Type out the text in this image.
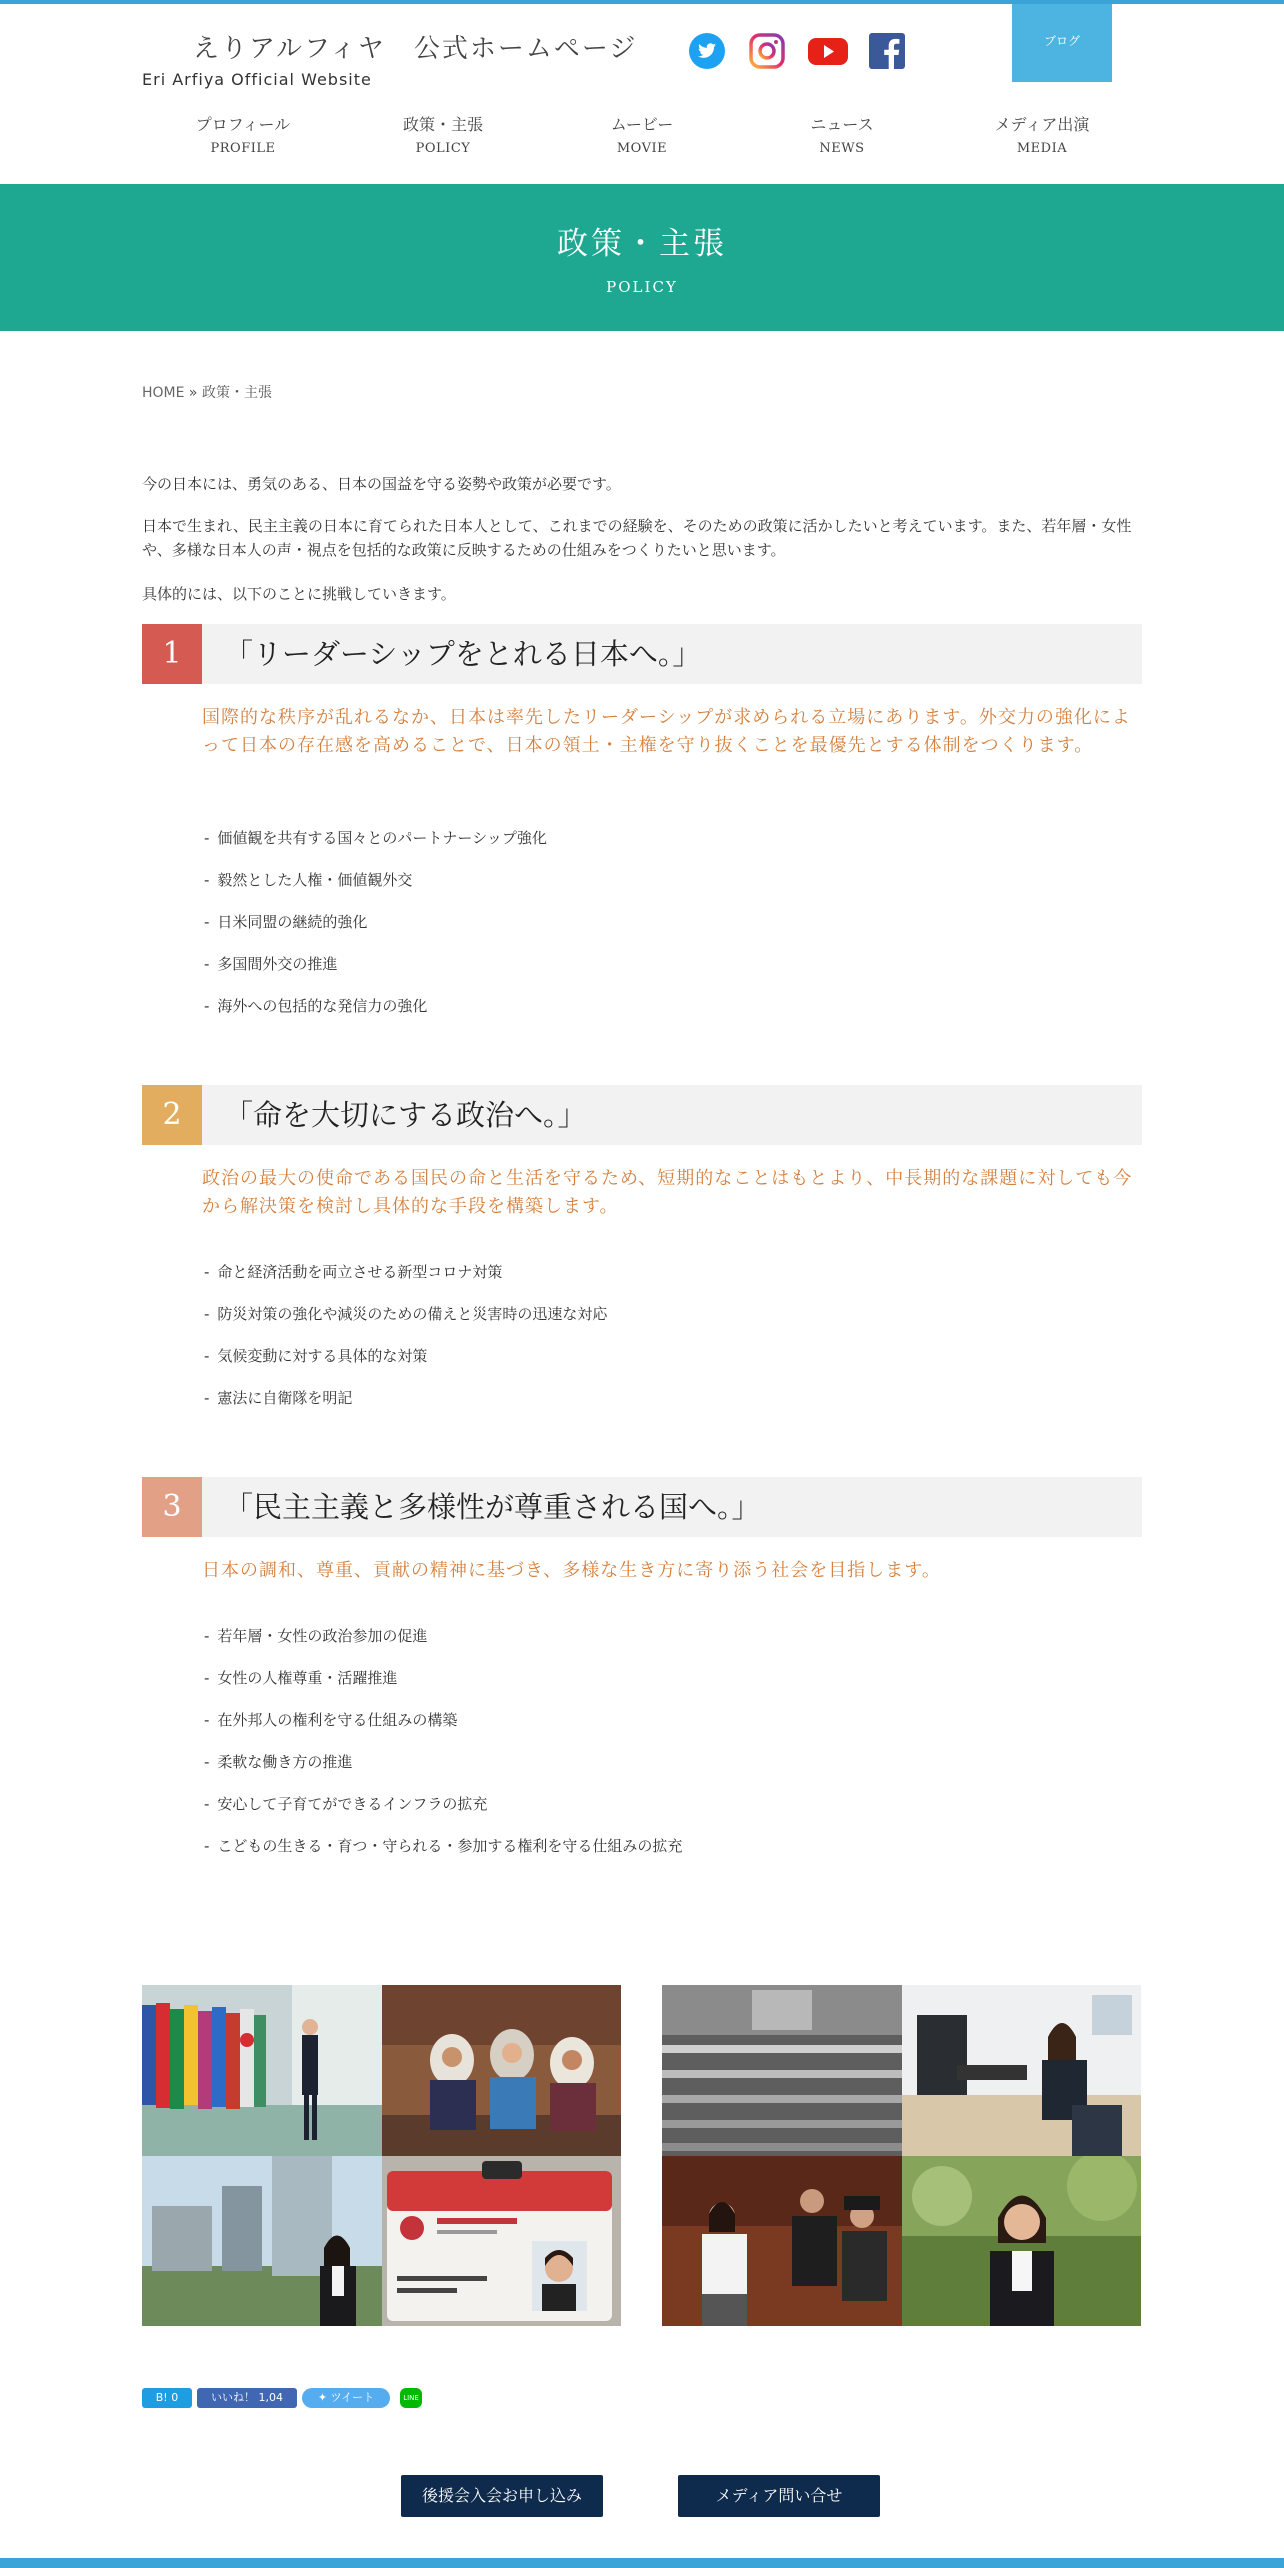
えりアルフィヤ　公式ホームページ
Eri Arfiya Official Website
ブログ
プロフィール
PROFILE
政策・主張
POLICY
ムービー
MOVIE
ニュース
NEWS
メディア出演
MEDIA
政策・主張
POLICY
HOME » 政策・主張
今の日本には、勇気のある、日本の国益を守る姿勢や政策が必要です。
日本で生まれ、民主主義の日本に育てられた日本人として、これまでの経験を、そのための政策に活かしたいと考えています。また、若年層・女性や、多様な日本人の声・視点を包括的な政策に反映するための仕組みをつくりたいと思います。
具体的には、以下のことに挑戦していきます。
1	「リーダーシップをとれる日本へ。」
国際的な秩序が乱れるなか、日本は率先したリーダーシップが求められる立場にあります。外交力の強化によって日本の存在感を高めることで、日本の領土・主権を守り抜くことを最優先とする体制をつくります。
- 価値観を共有する国々とのパートナーシップ強化
- 毅然とした人権・価値観外交
- 日米同盟の継続的強化
- 多国間外交の推進
- 海外への包括的な発信力の強化
2	「命を大切にする政治へ。」
政治の最大の使命である国民の命と生活を守るため、短期的なことはもとより、中長期的な課題に対しても今から解決策を検討し具体的な手段を構築します。
- 命と経済活動を両立させる新型コロナ対策
- 防災対策の強化や減災のための備えと災害時の迅速な対応
- 気候変動に対する具体的な対策
- 憲法に自衛隊を明記
3	「民主主義と多様性が尊重される国へ。」
日本の調和、尊重、貢献の精神に基づき、多様な生き方に寄り添う社会を目指します。
- 若年層・女性の政治参加の促進
- 女性の人権尊重・活躍推進
- 在外邦人の権利を守る仕組みの構築
- 柔軟な働き方の推進
- 安心して子育てができるインフラの拡充
- こどもの生きる・育つ・守られる・参加する権利を守る仕組みの拡充
B! 0	いいね！ 1,04	✦ ツイート	LINE
後援会入会お申し込み	メディア問い合せ
